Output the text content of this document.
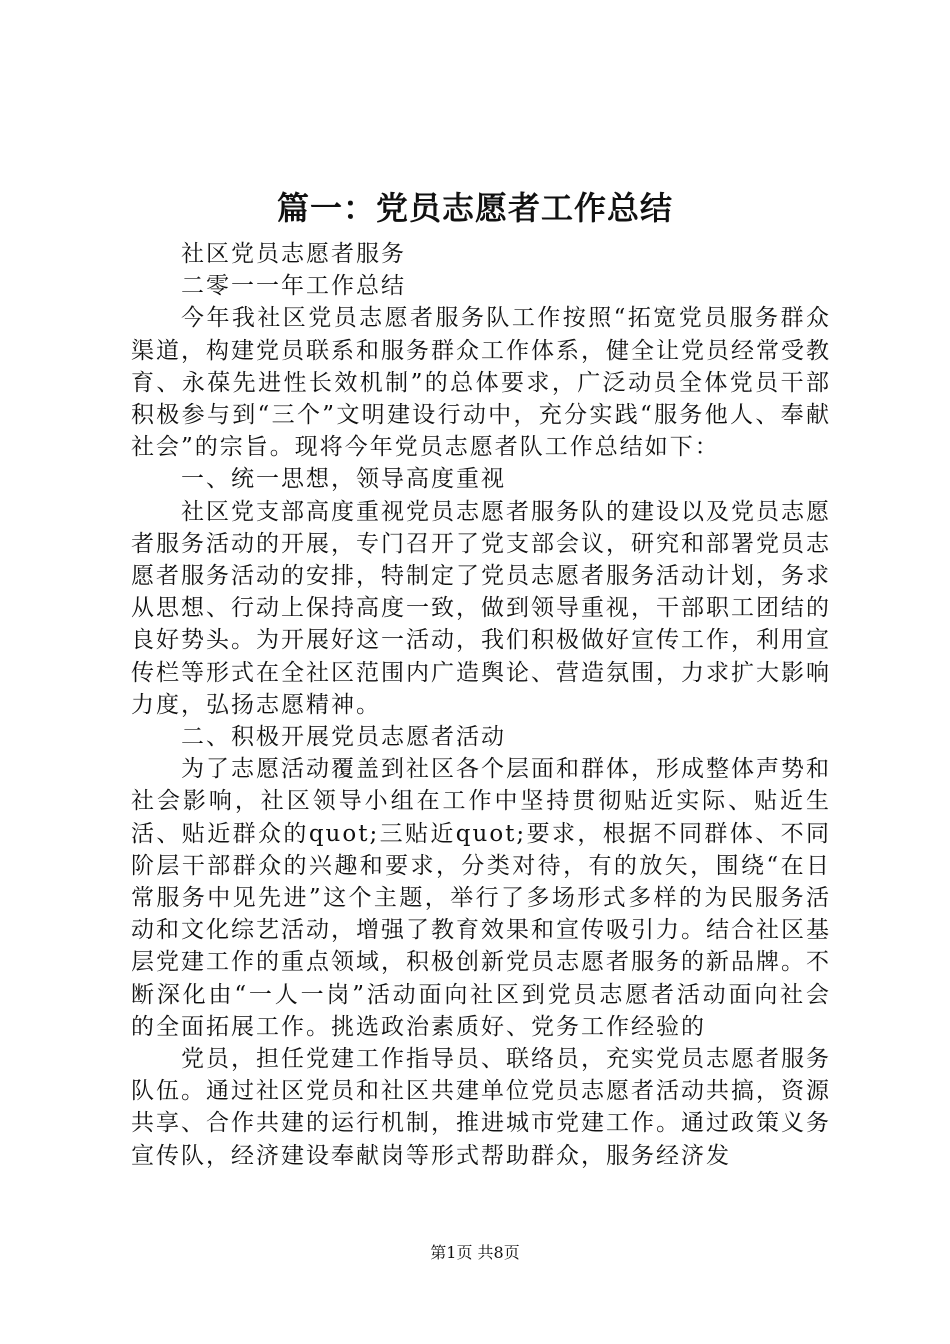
篇一：党员志愿者工作总结

社区党员志愿者服务

二零一一年工作总结

今年我社区党员志愿者服务队工作按照“拓宽党员服务群众渠道，构建党员联系和服务群众工作体系，健全让党员经常受教育、永葆先进性长效机制”的总体要求，广泛动员全体党员干部积极参与到“三个”文明建设行动中，充分实践“服务他人、奉献社会”的宗旨。现将今年党员志愿者队工作总结如下：

一、统一思想，领导高度重视

社区党支部高度重视党员志愿者服务队的建设以及党员志愿者服务活动的开展，专门召开了党支部会议，研究和部署党员志愿者服务活动的安排，特制定了党员志愿者服务活动计划，务求从思想、行动上保持高度一致，做到领导重视，干部职工团结的良好势头。为开展好这一活动，我们积极做好宣传工作，利用宣传栏等形式在全社区范围内广造舆论、营造氛围，力求扩大影响力度，弘扬志愿精神。

二、积极开展党员志愿者活动

为了志愿活动覆盖到社区各个层面和群体，形成整体声势和社会影响，社区领导小组在工作中坚持贯彻贴近实际、贴近生活、贴近群众的quot;三贴近quot;要求，根据不同群体、不同阶层干部群众的兴趣和要求，分类对待，有的放矢，围绕“在日常服务中见先进”这个主题，举行了多场形式多样的为民服务活动和文化综艺活动，增强了教育效果和宣传吸引力。结合社区基层党建工作的重点领域，积极创新党员志愿者服务的新品牌。不断深化由“一人一岗”活动面向社区到党员志愿者活动面向社会的全面拓展工作。挑选政治素质好、党务工作经验的

党员，担任党建工作指导员、联络员，充实党员志愿者服务队伍。通过社区党员和社区共建单位党员志愿者活动共搞，资源共享、合作共建的运行机制，推进城市党建工作。通过政策义务宣传队，经济建设奉献岗等形式帮助群众，服务经济发

第1页 共8页
